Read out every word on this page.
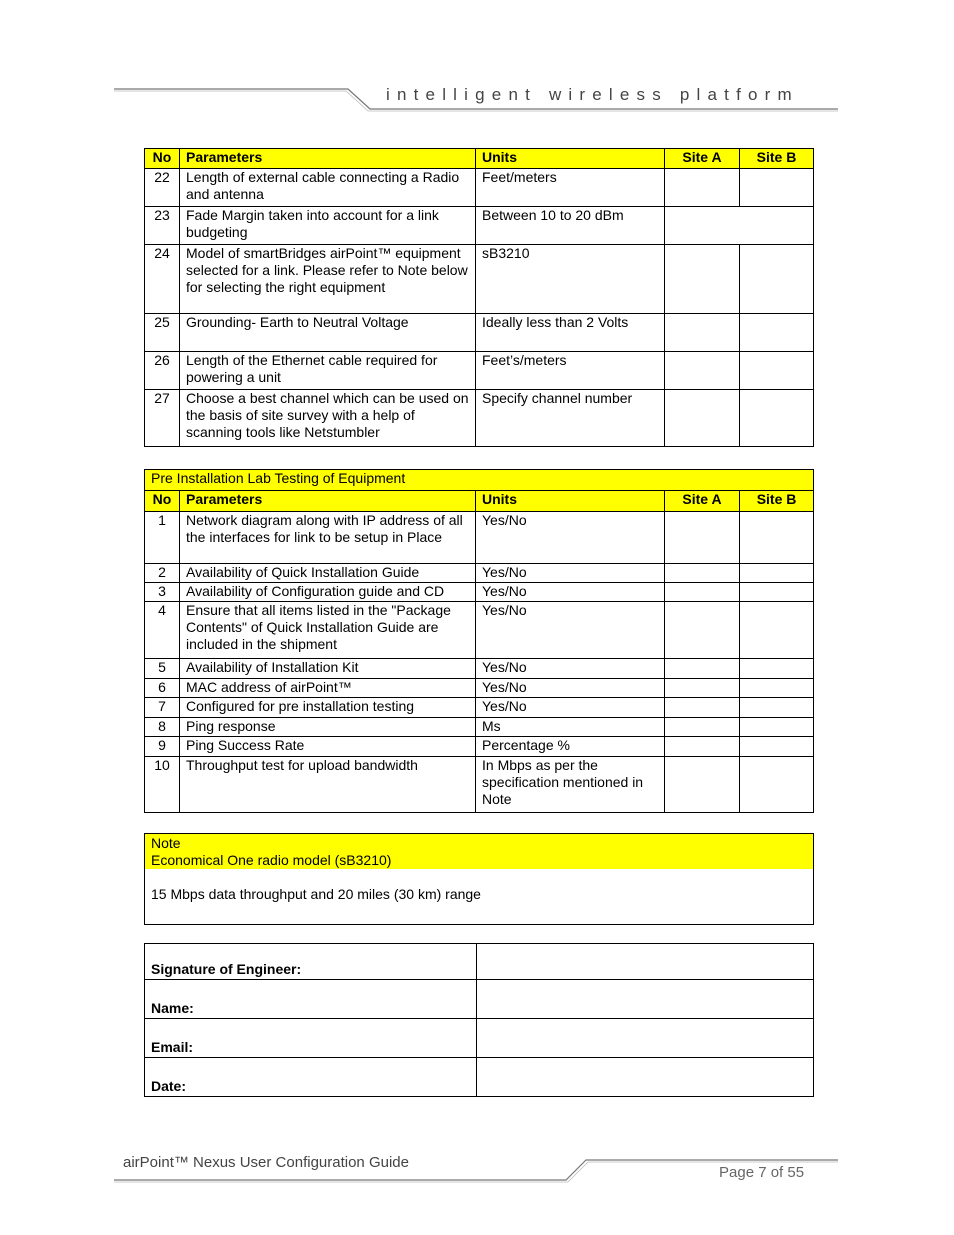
intelligent wireless platform
No	Parameters	Units	Site A	Site B
22	Length of external cable connecting a Radio and antenna	Feet/meters		
23	Fade Margin taken into account for a link budgeting	Between 10 to 20 dBm		
24	Model of smartBridges airPoint™ equipment selected for a link. Please refer to Note below for selecting the right equipment	sB3210		
25	Grounding- Earth to Neutral Voltage	Ideally less than 2 Volts		
26	Length of the Ethernet cable required for powering a unit	Feet’s/meters		
27	Choose a best channel which can be used on the basis of site survey with a help of scanning tools like Netstumbler	Specify channel number		
Pre Installation Lab Testing of Equipment				
No	Parameters	Units	Site A	Site B
1	Network diagram along with IP address of all the interfaces for link to be setup in Place	Yes/No		
2	Availability of Quick Installation Guide	Yes/No		
3	Availability of Configuration guide and CD	Yes/No		
4	Ensure that all items listed in the "Package Contents" of Quick Installation Guide are included in the shipment	Yes/No		
5	Availability of Installation Kit	Yes/No		
6	MAC address of airPoint™	Yes/No		
7	Configured for pre installation testing	Yes/No		
8	Ping response	Ms		
9	Ping Success Rate	Percentage %		
10	Throughput test for upload bandwidth	In Mbps as per the specification mentioned in Note		
Note
Economical One radio model (sB3210)

15 Mbps data throughput and 20 miles (30 km) range
Signature of Engineer:	
Name:	
Email:	
Date:	
airPoint™ Nexus User Configuration Guide
Page 7 of 55
